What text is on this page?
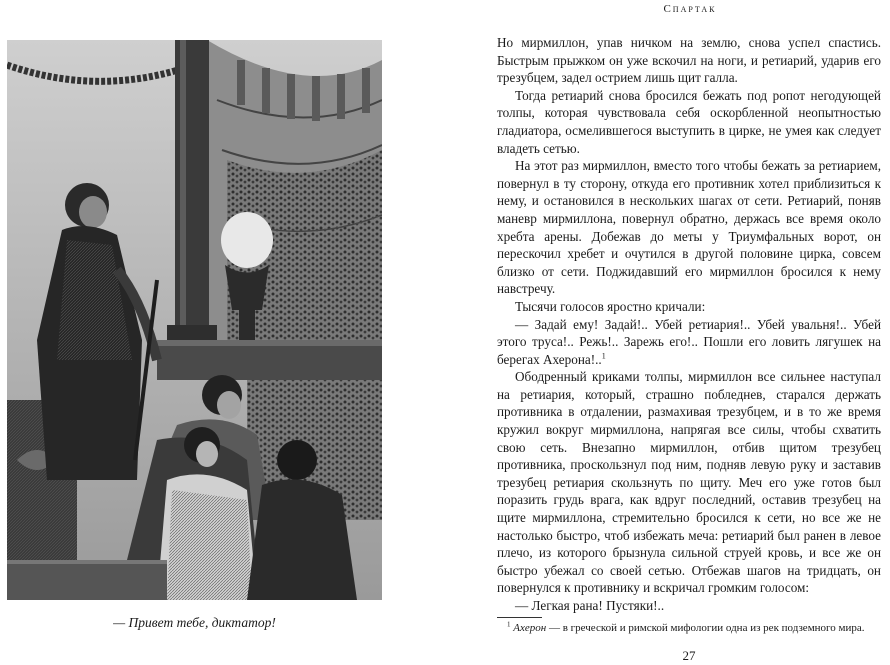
— Привет тебе, диктатор!
Спартак

Но мирмиллон, упав ничком на землю, снова успел спастись. Быстрым прыжком он уже вскочил на ноги, и ретиарий, ударив его трезубцем, задел острием лишь щит галла.

Тогда ретиарий снова бросился бежать под ропот негодующей толпы, которая чувствовала себя оскорбленной неопытностью гладиатора, осмелившегося выступить в цирке, не умея как следует владеть сетью.

На этот раз мирмиллон, вместо того чтобы бежать за ретиарием, повернул в ту сторону, откуда его противник хотел приблизиться к нему, и остановился в нескольких шагах от сети. Ретиарий, поняв маневр мирмиллона, повернул обратно, держась все время около хребта арены. Добежав до меты у Триумфальных ворот, он перескочил хребет и очутился в другой половине цирка, совсем близко от сети. Поджидавший его мирмиллон бросился к нему навстречу.

Тысячи голосов яростно кричали:

— Задай ему! Задай!.. Убей ретиария!.. Убей увальня!.. Убей этого труса!.. Режь!.. Зарежь его!.. Пошли его ловить лягушек на берегах Ахерона!..$^1$

Ободренный криками толпы, мирмиллон все сильнее наступал на ретиария, который, страшно побледнев, старался держать противника в отдалении, размахивая трезубцем, и в то же время кружил вокруг мирмиллона, напрягая все силы, чтобы схватить свою сеть. Внезапно мирмиллон, отбив щитом трезубец противника, проскользнул под ним, подняв левую руку и заставив трезубец ретиария скользнуть по щиту. Меч его уже готов был поразить грудь врага, как вдруг последний, оставив трезубец на щите мирмиллона, стремительно бросился к сети, но все же не настолько быстро, чтоб избежать меча: ретиарий был ранен в левое плечо, из которого брызнула сильной струей кровь, и все же он быстро убежал со своей сетью. Отбежав шагов на тридцать, он повернулся к противнику и вскричал громким голосом:

— Легкая рана! Пустяки!..

$^1$ Ахерон — в греческой и римской мифологии одна из рек подземного мира.
27
